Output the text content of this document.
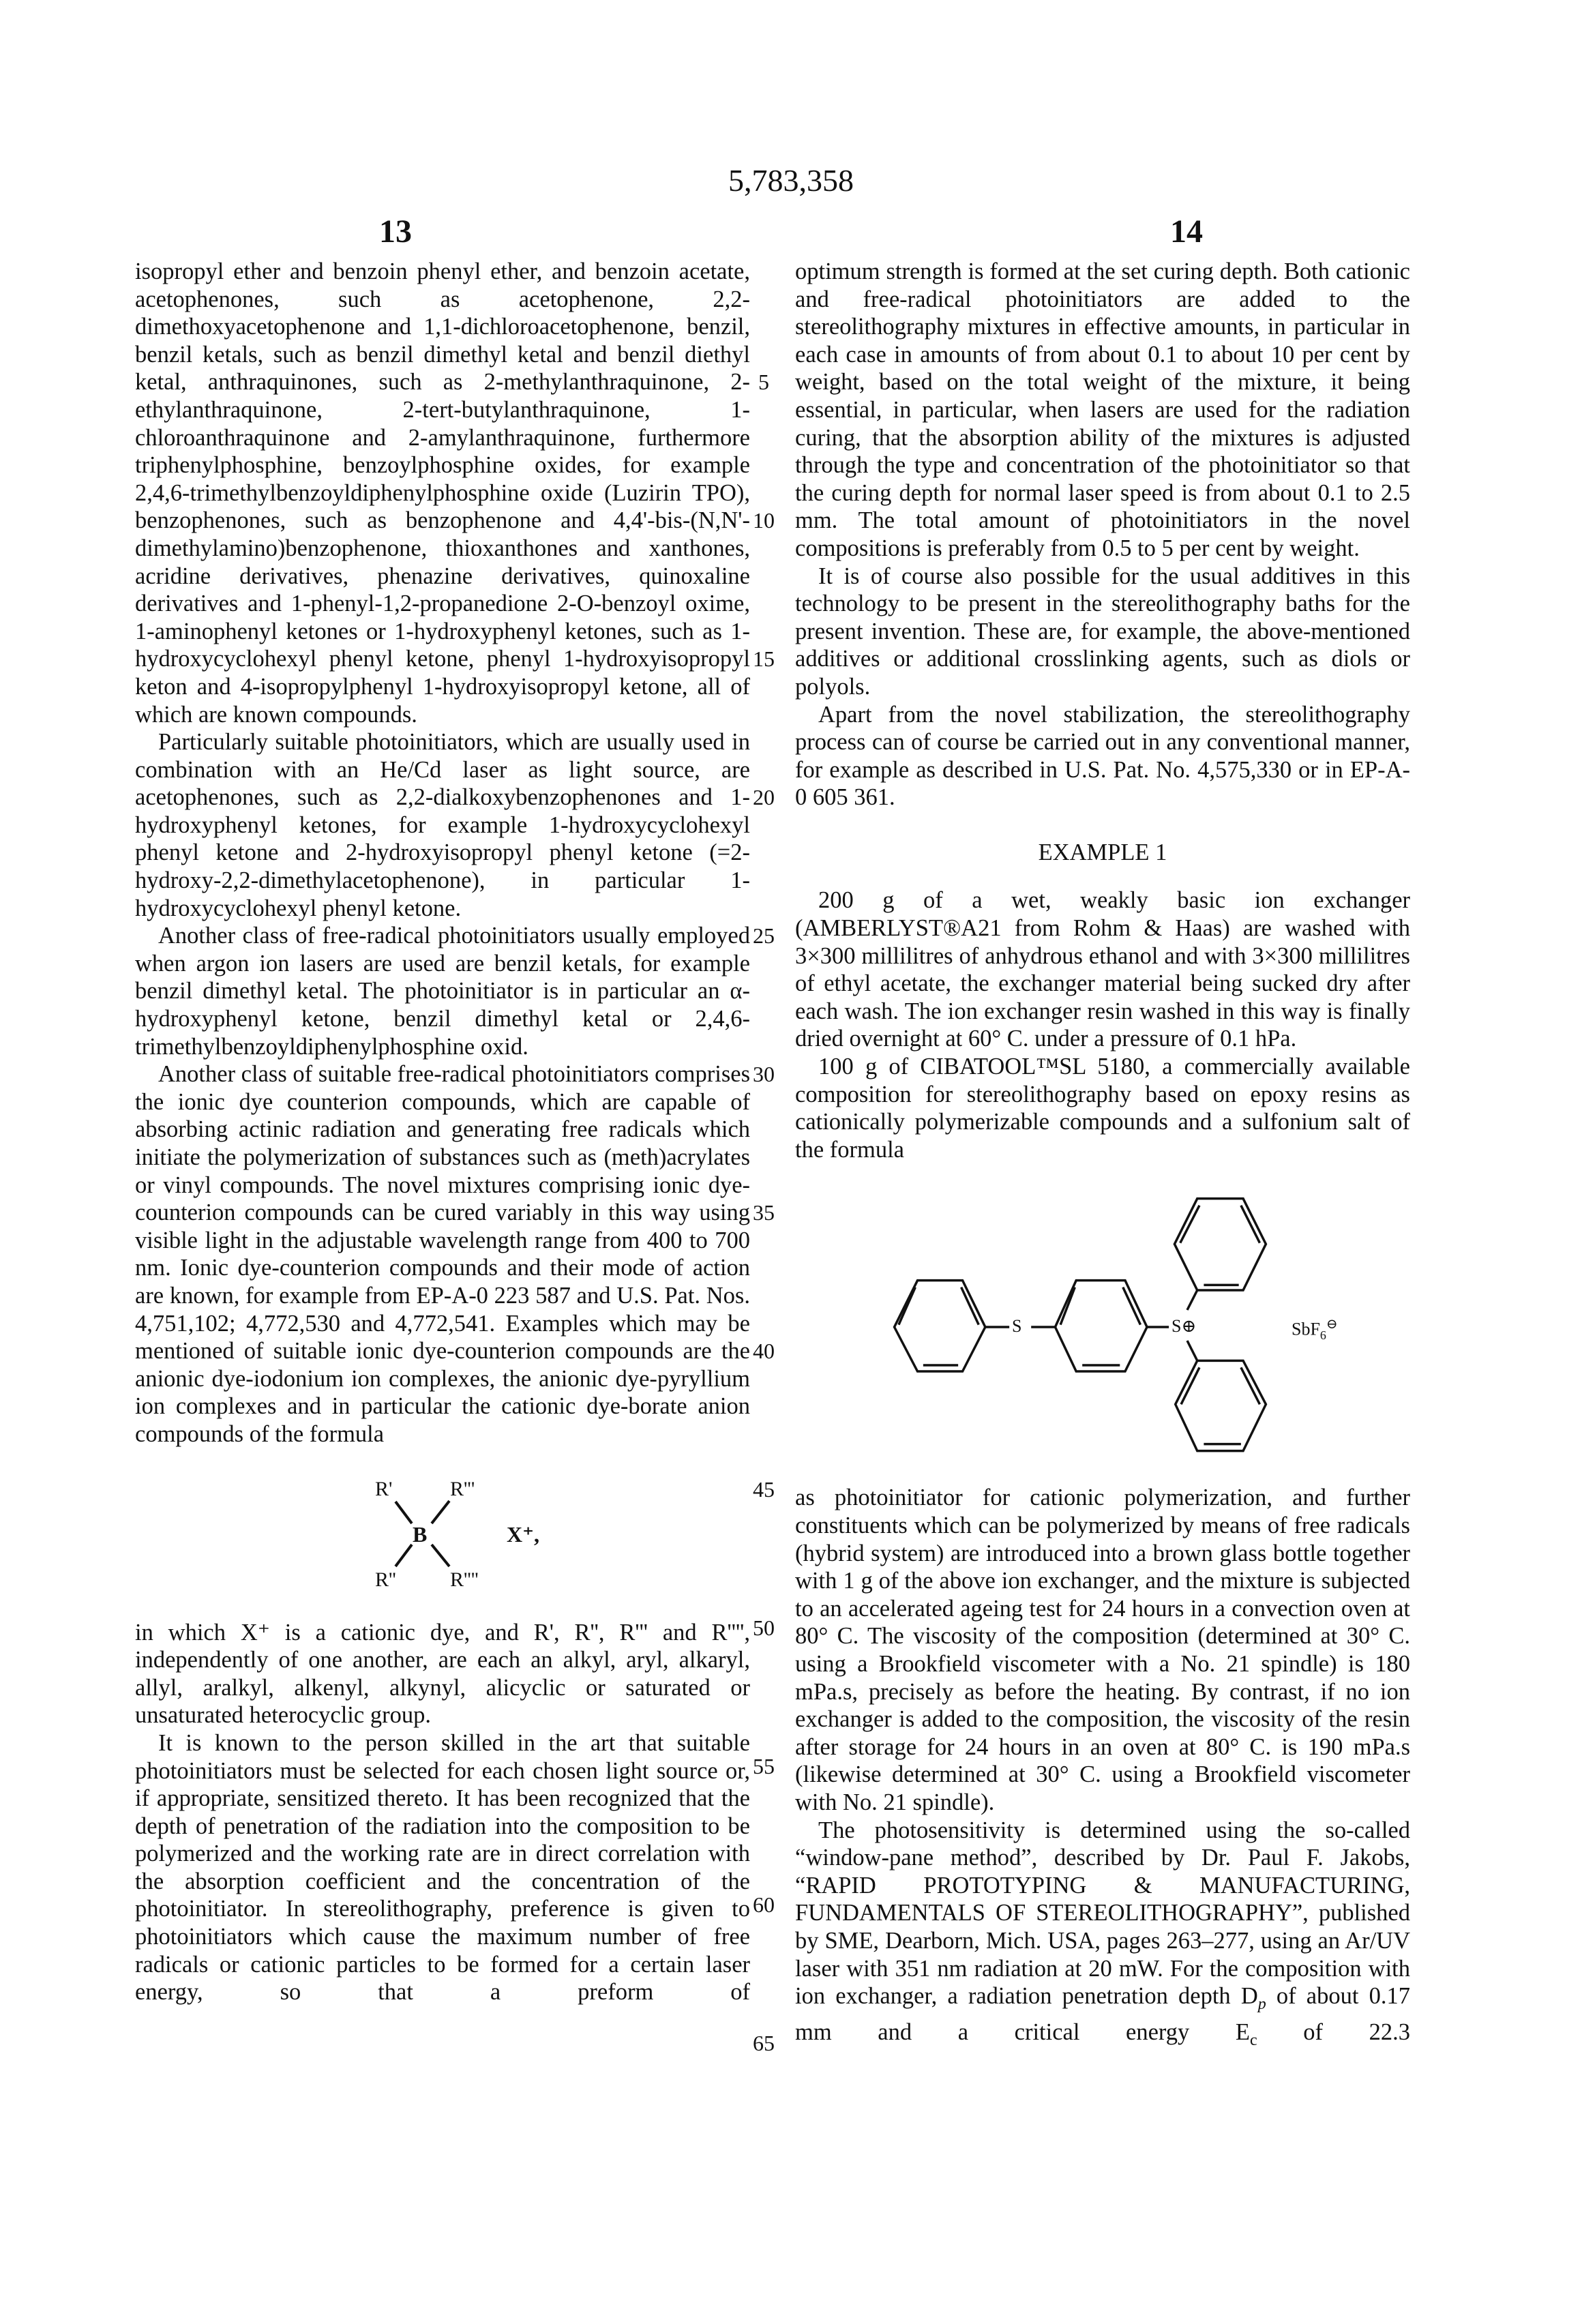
5,783,358
13	14

isopropyl ether and benzoin phenyl ether, and benzoin acetate, acetophenones, such as acetophenone, 2,2-dimethoxyacetophenone and 1,1-dichloroacetophenone, benzil, benzil ketals, such as benzil dimethyl ketal and benzil diethyl ketal, anthraquinones, such as 2-methylanthraquinone, 2-ethylanthraquinone, 2-tert-butylanthraquinone, 1-chloroanthraquinone and 2-amylanthraquinone, furthermore triphenylphosphine, benzoylphosphine oxides, for example 2,4,6-trimethylbenzoyldiphenylphosphine oxide (Luzirin TPO), benzophenones, such as benzophenone and 4,4'-bis-(N,N'-dimethylamino)benzophenone, thioxanthones and xanthones, acridine derivatives, phenazine derivatives, quinoxaline derivatives and 1-phenyl-1,2-propanedione 2-O-benzoyl oxime, 1-aminophenyl ketones or 1-hydroxyphenyl ketones, such as 1-hydroxycyclohexyl phenyl ketone, phenyl 1-hydroxyisopropyl keton and 4-isopropylphenyl 1-hydroxyisopropyl ketone, all of which are known compounds.

Particularly suitable photoinitiators, which are usually used in combination with an He/Cd laser as light source, are acetophenones, such as 2,2-dialkoxybenzophenones and 1-hydroxyphenyl ketones, for example 1-hydroxycyclohexyl phenyl ketone and 2-hydroxyisopropyl phenyl ketone (=2-hydroxy-2,2-dimethylacetophenone), in particular 1-hydroxycyclohexyl phenyl ketone.

Another class of free-radical photoinitiators usually employed when argon ion lasers are used are benzil ketals, for example benzil dimethyl ketal. The photoinitiator is in particular an α-hydroxyphenyl ketone, benzil dimethyl ketal or 2,4,6-trimethylbenzoyldiphenylphosphine oxid.

Another class of suitable free-radical photoinitiators comprises the ionic dye counterion compounds, which are capable of absorbing actinic radiation and generating free radicals which initiate the polymerization of substances such as (meth)acrylates or vinyl compounds. The novel mixtures comprising ionic dye-counterion compounds can be cured variably in this way using visible light in the adjustable wavelength range from 400 to 700 nm. Ionic dye-counterion compounds and their mode of action are known, for example from EP-A-0 223 587 and U.S. Pat. Nos. 4,751,102; 4,772,530 and 4,772,541. Examples which may be mentioned of suitable ionic dye-counterion compounds are the anionic dye-iodonium ion complexes, the anionic dye-pyryllium ion complexes and in particular the cationic dye-borate anion compounds of the formula

R'	R'''
B	X⁺,
R''	R''''

in which X⁺ is a cationic dye, and R', R'', R''' and R'''', independently of one another, are each an alkyl, aryl, alkaryl, allyl, aralkyl, alkenyl, alkynyl, alicyclic or saturated or unsaturated heterocyclic group.

It is known to the person skilled in the art that suitable photoinitiators must be selected for each chosen light source or, if appropriate, sensitized thereto. It has been recognized that the depth of penetration of the radiation into the composition to be polymerized and the working rate are in direct correlation with the absorption coefficient and the concentration of the photoinitiator. In stereolithography, preference is given to photoinitiators which cause the maximum number of free radicals or cationic particles to be formed for a certain laser energy, so that a preform of

5
10
15
20
25
30
35
40
45
50
55
60
65

optimum strength is formed at the set curing depth. Both cationic and free-radical photoinitiators are added to the stereolithography mixtures in effective amounts, in particular in each case in amounts of from about 0.1 to about 10 per cent by weight, based on the total weight of the mixture, it being essential, in particular, when lasers are used for the radiation curing, that the absorption ability of the mixtures is adjusted through the type and concentration of the photoinitiator so that the curing depth for normal laser speed is from about 0.1 to 2.5 mm. The total amount of photoinitiators in the novel compositions is preferably from 0.5 to 5 per cent by weight.

It is of course also possible for the usual additives in this technology to be present in the stereolithography baths for the present invention. These are, for example, the above-mentioned additives or additional crosslinking agents, such as diols or polyols.

Apart from the novel stabilization, the stereolithography process can of course be carried out in any conventional manner, for example as described in U.S. Pat. No. 4,575,330 or in EP-A-0 605 361.

EXAMPLE 1

200 g of a wet, weakly basic ion exchanger (AMBERLYST®A21 from Rohm & Haas) are washed with 3×300 millilitres of anhydrous ethanol and with 3×300 millilitres of ethyl acetate, the exchanger material being sucked dry after each wash. The ion exchanger resin washed in this way is finally dried overnight at 60° C. under a pressure of 0.1 hPa.

100 g of CIBATOOL™SL 5180, a commercially available composition for stereolithography based on epoxy resins as cationically polymerizable compounds and a sulfonium salt of the formula

S	S⊕	SbF6⊖

as photoinitiator for cationic polymerization, and further constituents which can be polymerized by means of free radicals (hybrid system) are introduced into a brown glass bottle together with 1 g of the above ion exchanger, and the mixture is subjected to an accelerated ageing test for 24 hours in a convection oven at 80° C. The viscosity of the composition (determined at 30° C. using a Brookfield viscometer with a No. 21 spindle) is 180 mPa.s, precisely as before the heating. By contrast, if no ion exchanger is added to the composition, the viscosity of the resin after storage for 24 hours in an oven at 80° C. is 190 mPa.s (likewise determined at 30° C. using a Brookfield viscometer with No. 21 spindle).

The photosensitivity is determined using the so-called “window-pane method”, described by Dr. Paul F. Jakobs, “RAPID PROTOTYPING & MANUFACTURING, FUNDAMENTALS OF STEREOLITHOGRAPHY”, published by SME, Dearborn, Mich. USA, pages 263–277, using an Ar/UV laser with 351 nm radiation at 20 mW. For the composition with ion exchanger, a radiation penetration depth Dp of about 0.17 mm and a critical energy Ec of 22.3
